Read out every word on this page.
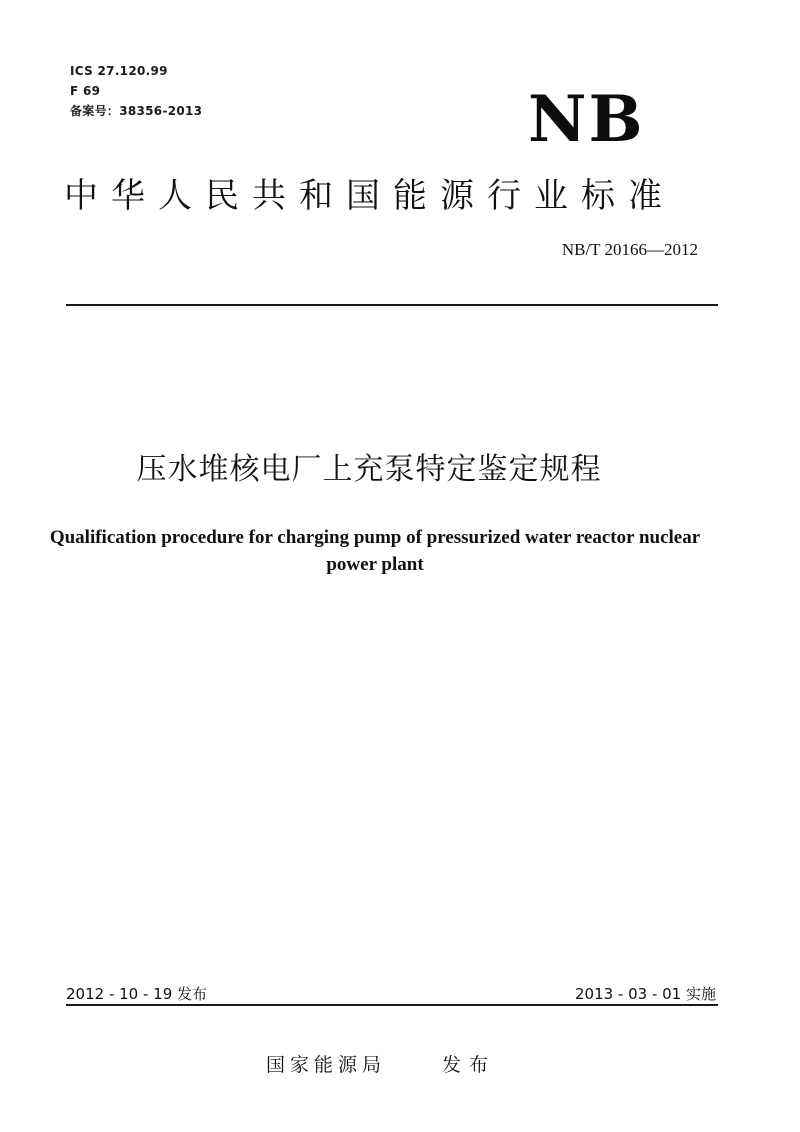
ICS 27.120.99
F 69
备案号：38356-2013	NB
中华人民共和国能源行业标准
NB/T 20166—2012
压水堆核电厂上充泵特定鉴定规程
Qualification procedure for charging pump of pressurized water reactor nuclear power plant
2012 - 10 - 19 发布	2013 - 03 - 01 实施
国家能源局	发布
